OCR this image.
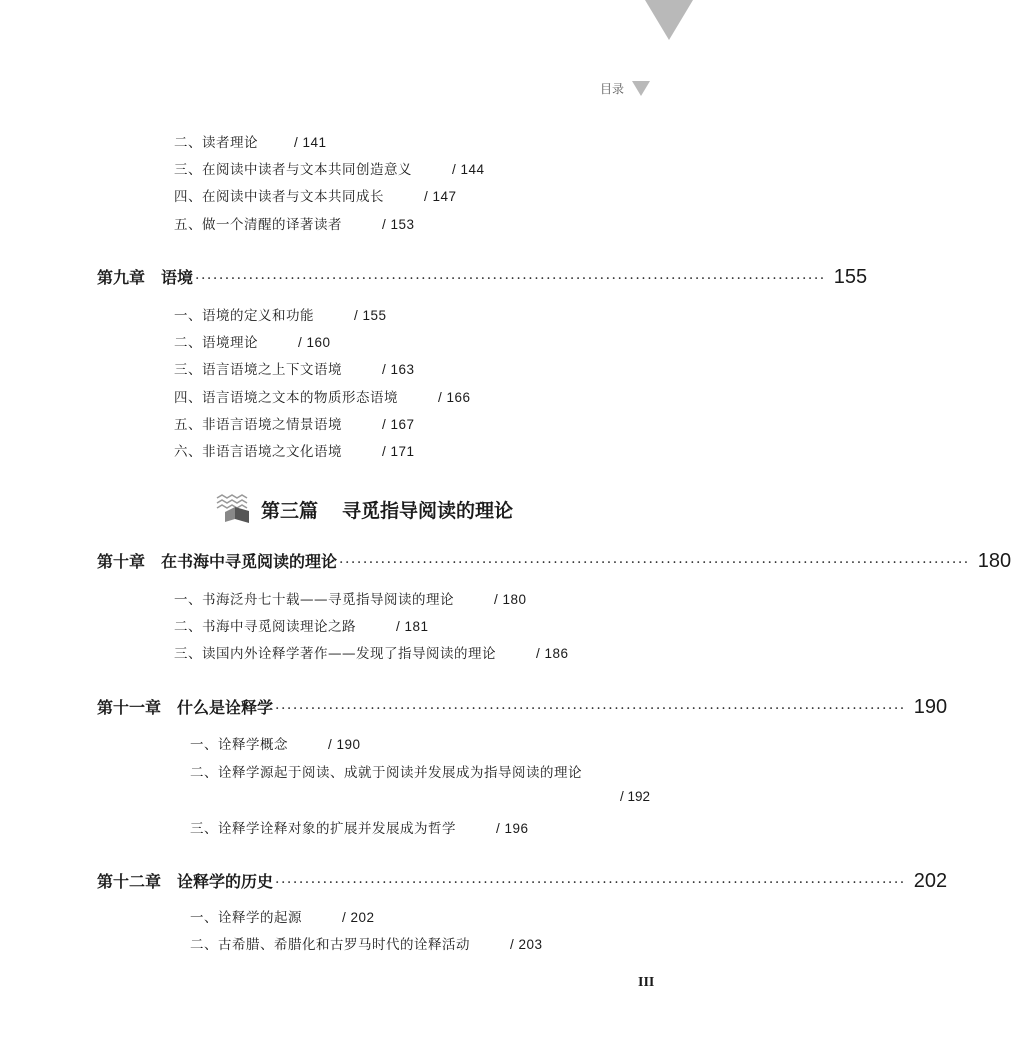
目录
二、读者理论	/ 141
三、在阅读中读者与文本共同创造意义	/ 144
四、在阅读中读者与文本共同成长	/ 147
五、做一个清醒的译著读者	/ 153
第九章 语境 ·········································································································· 155
一、语境的定义和功能	/ 155
二、语境理论	/ 160
三、语言语境之上下文语境	/ 163
四、语言语境之文本的物质形态语境	/ 166
五、非语言语境之情景语境	/ 167
六、非语言语境之文化语境	/ 171
第三篇 寻觅指导阅读的理论
第十章 在书海中寻觅阅读的理论 ·········································································································· 180
一、书海泛舟七十载——寻觅指导阅读的理论	/ 180
二、书海中寻觅阅读理论之路	/ 181
三、读国内外诠释学著作——发现了指导阅读的理论	/ 186
第十一章 什么是诠释学 ·········································································································· 190
一、诠释学概念	/ 190
二、诠释学源起于阅读、成就于阅读并发展成为指导阅读的理论
/ 192
三、诠释学诠释对象的扩展并发展成为哲学	/ 196
第十二章 诠释学的历史 ·········································································································· 202
一、诠释学的起源	/ 202
二、古希腊、希腊化和古罗马时代的诠释活动	/ 203
III
